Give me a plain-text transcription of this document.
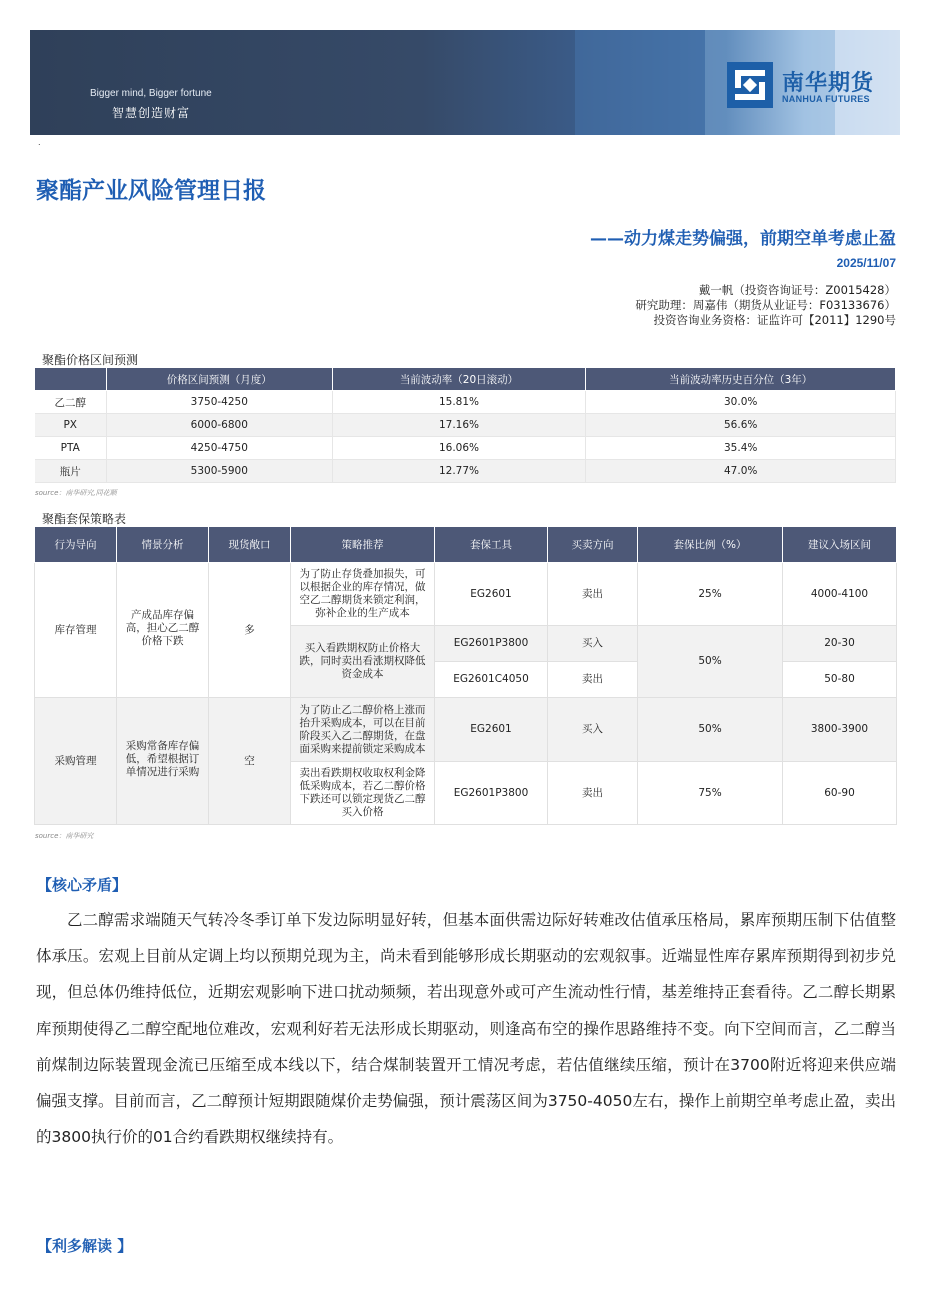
Bigger mind, Bigger fortune
智慧创造财富
南华期货
NANHUA FUTURES
.
聚酯产业风险管理日报
——动力煤走势偏强，前期空单考虑止盈
2025/11/07
戴一帆（投资咨询证号：Z0015428）
研究助理：周嘉伟（期货从业证号：F03133676）
投资咨询业务资格：证监许可【2011】1290号
聚酯价格区间预测
	价格区间预测（月度）	当前波动率（20日滚动）	当前波动率历史百分位（3年）
乙二醇	3750-4250	15.81%	30.0%
PX	6000-6800	17.16%	56.6%
PTA	4250-4750	16.06%	35.4%
瓶片	5300-5900	12.77%	47.0%
source：南华研究,同花顺
聚酯套保策略表
行为导向	情景分析	现货敞口	策略推荐	套保工具	买卖方向	套保比例（%）	建议入场区间
库存管理	产成品库存偏高，担心乙二醇价格下跌	多	为了防止存货叠加损失，可以根据企业的库存情况，做空乙二醇期货来锁定利润，弥补企业的生产成本	EG2601	卖出	25%	4000-4100
			买入看跌期权防止价格大跌，同时卖出看涨期权降低资金成本	EG2601P3800	买入	50%	20-30
				EG2601C4050	卖出		50-80
采购管理	采购常备库存偏低，希望根据订单情况进行采购	空	为了防止乙二醇价格上涨而抬升采购成本，可以在目前阶段买入乙二醇期货，在盘面采购来提前锁定采购成本	EG2601	买入	50%	3800-3900
			卖出看跌期权收取权利金降低采购成本，若乙二醇价格下跌还可以锁定现货乙二醇买入价格	EG2601P3800	卖出	75%	60-90
source：南华研究
【核心矛盾】
乙二醇需求端随天气转冷冬季订单下发边际明显好转，但基本面供需边际好转难改估值承压格局，累库预期压制下估值整体承压。宏观上目前从定调上均以预期兑现为主，尚未看到能够形成长期驱动的宏观叙事。近端显性库存累库预期得到初步兑现，但总体仍维持低位，近期宏观影响下进口扰动频频，若出现意外或可产生流动性行情，基差维持正套看待。乙二醇长期累库预期使得乙二醇空配地位难改，宏观利好若无法形成长期驱动，则逢高布空的操作思路维持不变。向下空间而言，乙二醇当前煤制边际装置现金流已压缩至成本线以下，结合煤制装置开工情况考虑，若估值继续压缩，预计在3700附近将迎来供应端偏强支撑。目前而言，乙二醇预计短期跟随煤价走势偏强，预计震荡区间为3750-4050左右，操作上前期空单考虑止盈，卖出的3800执行价的01合约看跌期权继续持有。
【利多解读 】
